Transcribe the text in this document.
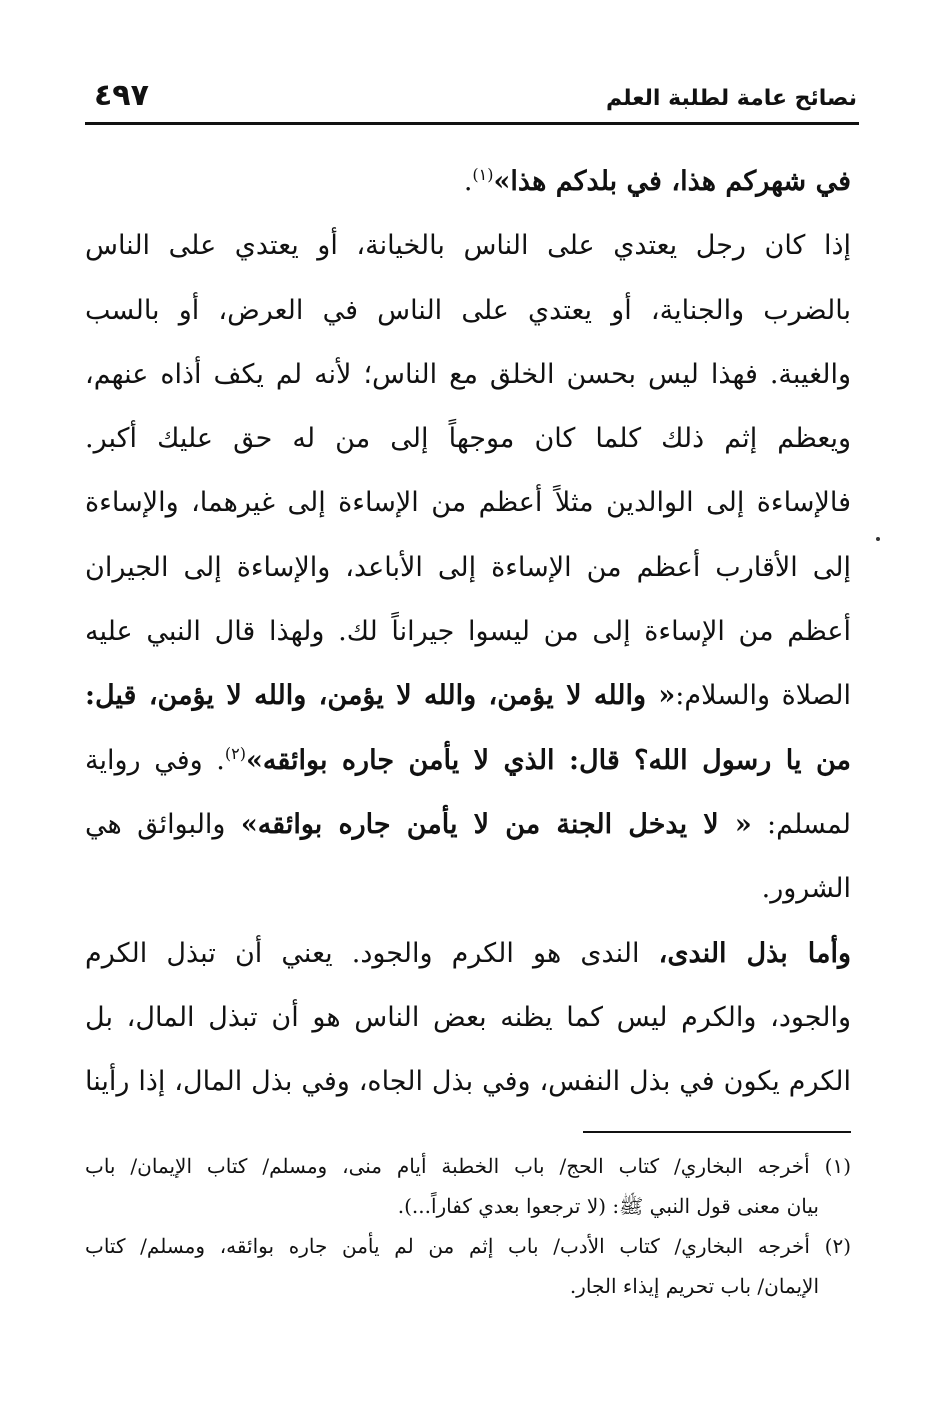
نصائح عامة لطلبة العلم
٤٩٧
في شهركم هذا، في بلدكم هذا»$^{(١)}$.
إذا كان رجل يعتدي على الناس بالخيانة، أو يعتدي على الناس
بالضرب والجناية، أو يعتدي على الناس في العرض، أو بالسب
والغيبة. فهذا ليس بحسن الخلق مع الناس؛ لأنه لم يكف أذاه عنهم،
ويعظم إثم ذلك كلما كان موجهاً إلى من له حق عليك أكبر.
فالإساءة إلى الوالدين مثلاً أعظم من الإساءة إلى غيرهما، والإساءة
إلى الأقارب أعظم من الإساءة إلى الأباعد، والإساءة إلى الجيران
أعظم من الإساءة إلى من ليسوا جيراناً لك. ولهذا قال النبي عليه
الصلاة والسلام:« والله لا يؤمن، والله لا يؤمن، والله لا يؤمن، قيل:
من يا رسول الله؟ قال: الذي لا يأمن جاره بوائقه»$^{(٢)}$. وفي رواية
لمسلم: « لا يدخل الجنة من لا يأمن جاره بوائقه» والبوائق هي
الشرور.
وأما بذل الندى، الندى هو الكرم والجود. يعني أن تبذل الكرم
والجود، والكرم ليس كما يظنه بعض الناس هو أن تبذل المال، بل
الكرم يكون في بذل النفس، وفي بذل الجاه، وفي بذل المال، إذا رأينا
(١) أخرجه البخاري/ كتاب الحج/ باب الخطبة أيام منى، ومسلم/ كتاب الإيمان/ باب
بيان معنى قول النبي ﷺ: (لا ترجعوا بعدي كفاراً...).
(٢) أخرجه البخاري/ كتاب الأدب/ باب إثم من لم يأمن جاره بوائقه، ومسلم/ كتاب
الإيمان/ باب تحريم إيذاء الجار.
